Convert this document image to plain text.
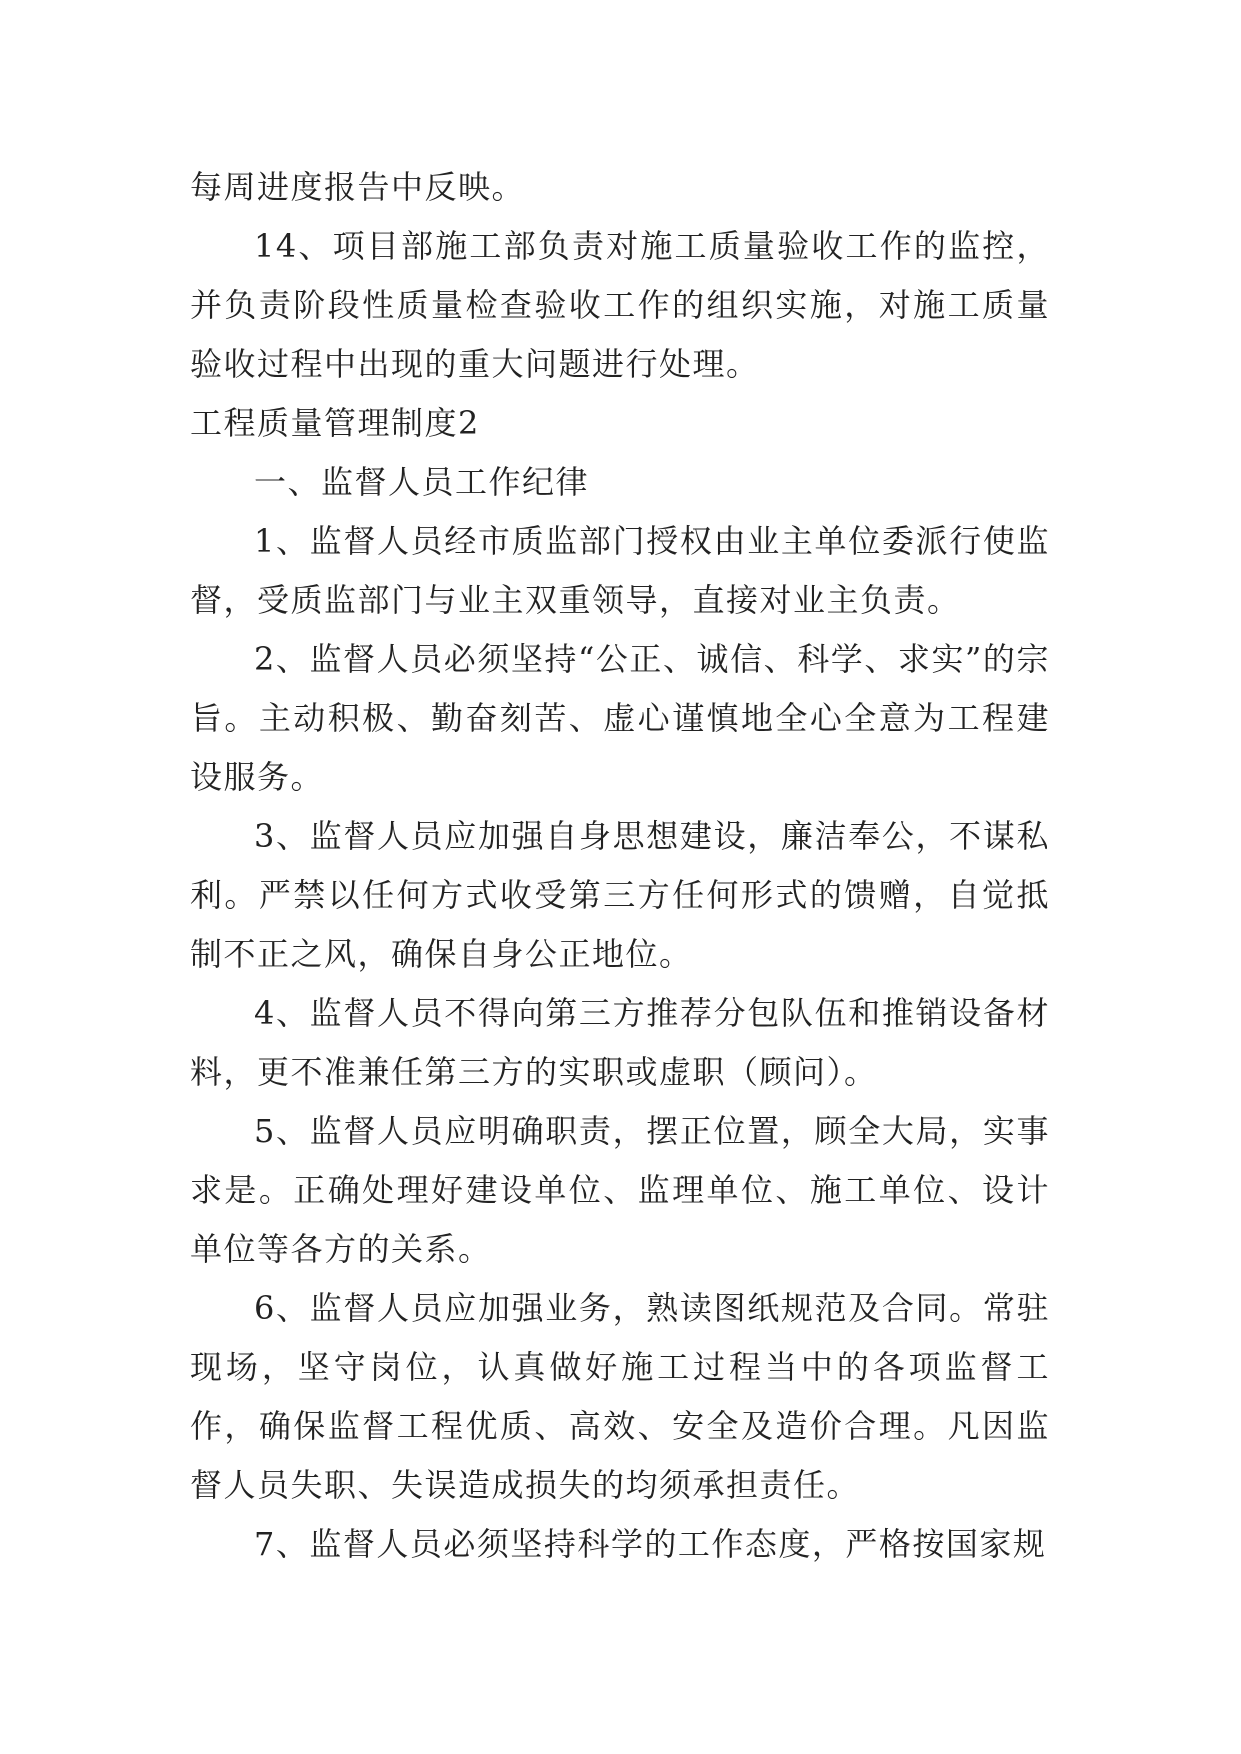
每周进度报告中反映。

14、项目部施工部负责对施工质量验收工作的监控，并负责阶段性质量检查验收工作的组织实施，对施工质量验收过程中出现的重大问题进行处理。

工程质量管理制度2

一、监督人员工作纪律

1、监督人员经市质监部门授权由业主单位委派行使监督，受质监部门与业主双重领导，直接对业主负责。

2、监督人员必须坚持“公正、诚信、科学、求实”的宗旨。主动积极、勤奋刻苦、虚心谨慎地全心全意为工程建设服务。

3、监督人员应加强自身思想建设，廉洁奉公，不谋私利。严禁以任何方式收受第三方任何形式的馈赠，自觉抵制不正之风，确保自身公正地位。

4、监督人员不得向第三方推荐分包队伍和推销设备材料，更不准兼任第三方的实职或虚职（顾问）。

5、监督人员应明确职责，摆正位置，顾全大局，实事求是。正确处理好建设单位、监理单位、施工单位、设计单位等各方的关系。

6、监督人员应加强业务，熟读图纸规范及合同。常驻现场，坚守岗位，认真做好施工过程当中的各项监督工作，确保监督工程优质、高效、安全及造价合理。凡因监督人员失职、失误造成损失的均须承担责任。

7、监督人员必须坚持科学的工作态度，严格按国家规
